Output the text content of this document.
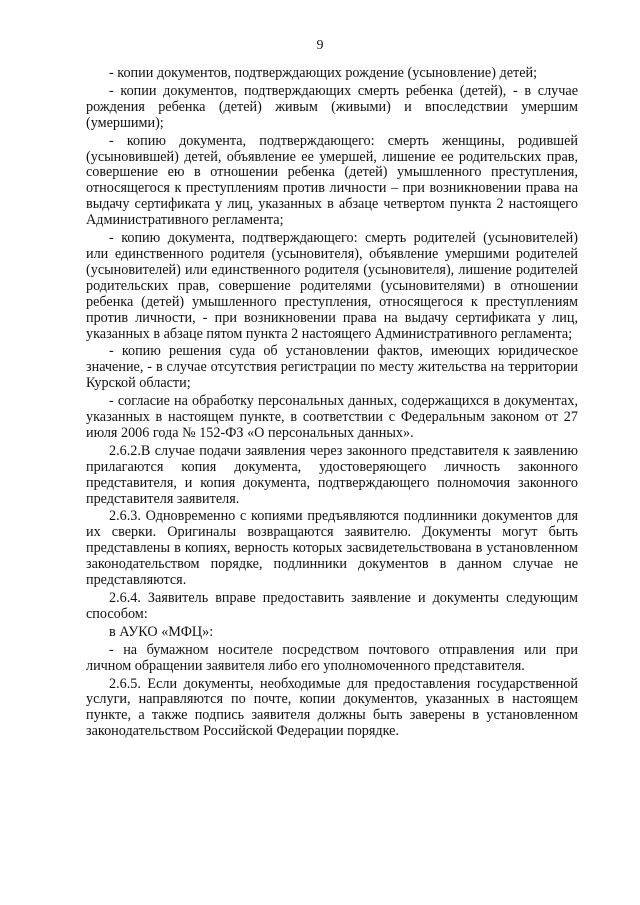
9

- копии документов, подтверждающих рождение (усыновление) детей;

- копии документов, подтверждающих смерть ребенка (детей), - в случае рождения ребенка (детей) живым (живыми) и впоследствии умершим (умершими);

- копию документа, подтверждающего: смерть женщины, родившей (усыновившей) детей, объявление ее умершей, лишение ее родительских прав, совершение ею в отношении ребенка (детей) умышленного преступления, относящегося к преступлениям против личности – при возникновении права на выдачу сертификата у лиц, указанных в абзаце четвертом пункта 2 настоящего Административного регламента;

- копию документа, подтверждающего: смерть родителей (усыновителей) или единственного родителя (усыновителя), объявление умершими родителей (усыновителей) или единственного родителя (усыновителя), лишение родителей родительских прав, совершение родителями (усыновителями) в отношении ребенка (детей) умышленного преступления, относящегося к преступлениям против личности, - при возникновении права на выдачу сертификата у лиц, указанных в абзаце пятом пункта 2 настоящего Административного регламента;

- копию решения суда об установлении фактов, имеющих юридическое значение, - в случае отсутствия регистрации по месту жительства на территории Курской области;

- согласие на обработку персональных данных, содержащихся в документах, указанных в настоящем пункте, в соответствии с Федеральным законом от 27 июля 2006 года № 152-ФЗ «О персональных данных».

2.6.2.В случае подачи заявления через законного представителя к заявлению прилагаются копия документа, удостоверяющего личность законного представителя, и копия документа, подтверждающего полномочия законного представителя заявителя.

2.6.3. Одновременно с копиями предъявляются подлинники документов для их сверки. Оригиналы возвращаются заявителю. Документы могут быть представлены в копиях, верность которых засвидетельствована в установленном законодательством порядке, подлинники документов в данном случае не представляются.

2.6.4. Заявитель вправе предоставить заявление и документы следующим способом:

в АУКО «МФЦ»:

- на бумажном носителе посредством почтового отправления или при личном обращении заявителя либо его уполномоченного представителя.

2.6.5. Если документы, необходимые для предоставления государственной услуги, направляются по почте, копии документов, указанных в настоящем пункте, а также подпись заявителя должны быть заверены в установленном законодательством Российской Федерации порядке.
